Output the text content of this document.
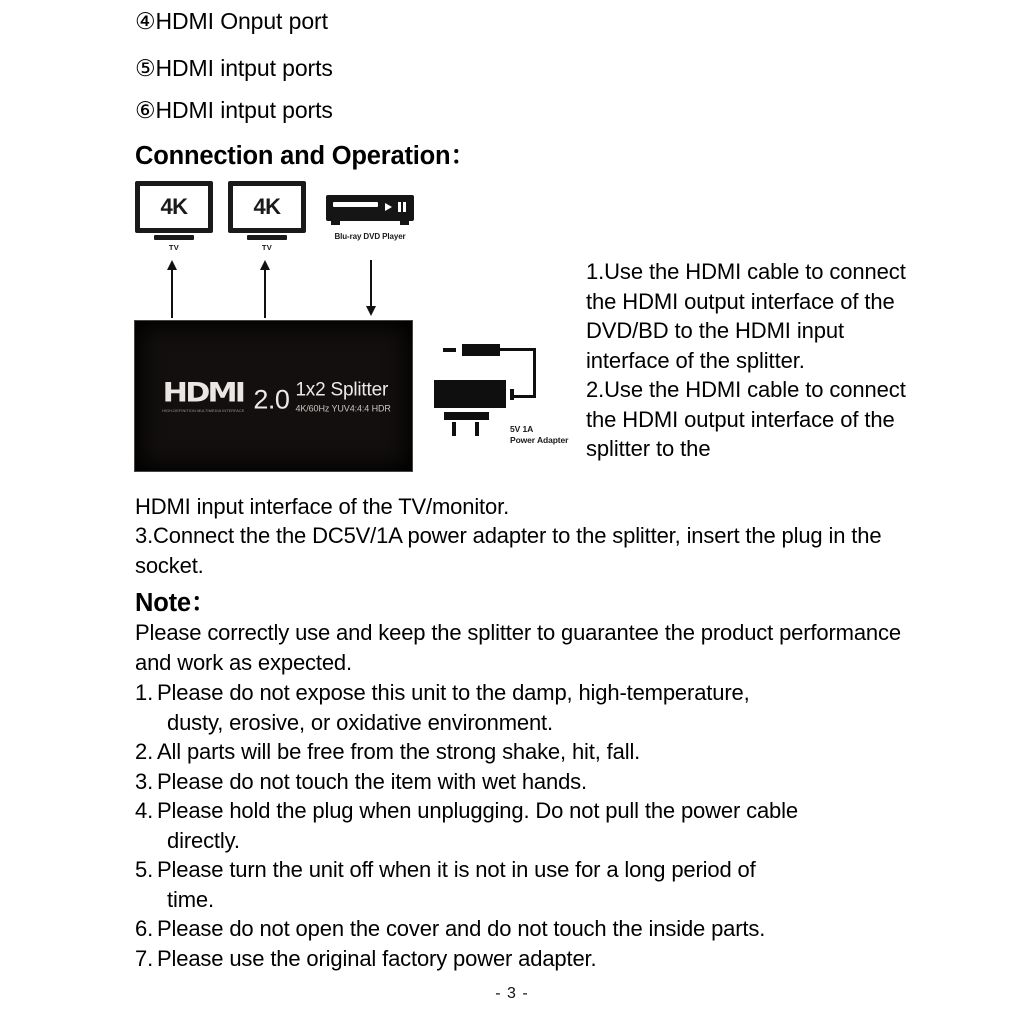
④HDMI Onput port
⑤HDMI intput ports
⑥HDMI intput ports
Connection and Operation：
4K
TV
4K
TV
Blu-ray DVD Player
HDMI
HIGH-DEFINITION MULTIMEDIA INTERFACE 2.0 1x2 Splitter
4K/60Hz YUV4:4:4 HDR
5V 1A
Power Adapter

1.Use the HDMI cable to connect the HDMI output interface of the DVD/BD to the HDMI input interface of the splitter.

2.Use the HDMI cable to connect the HDMI output interface of the splitter to the

HDMI input interface of the TV/monitor.
3.Connect the the DC5V/1A power adapter to the splitter, insert the plug in the socket.
Note：
Please correctly use and keep the splitter to guarantee the product performance and work as expected.
1. Please do not expose this unit to the damp, high-temperature,
dusty, erosive, or oxidative environment.
2. All parts will be free from the strong shake, hit, fall.
3. Please do not touch the item with wet hands.
4. Please hold the plug when unplugging. Do not pull the power cable
directly.
5. Please turn the unit off when it is not in use for a long period of
time.
6. Please do not open the cover and do not touch the inside parts.
7. Please use the original factory power adapter.
- 3 -
